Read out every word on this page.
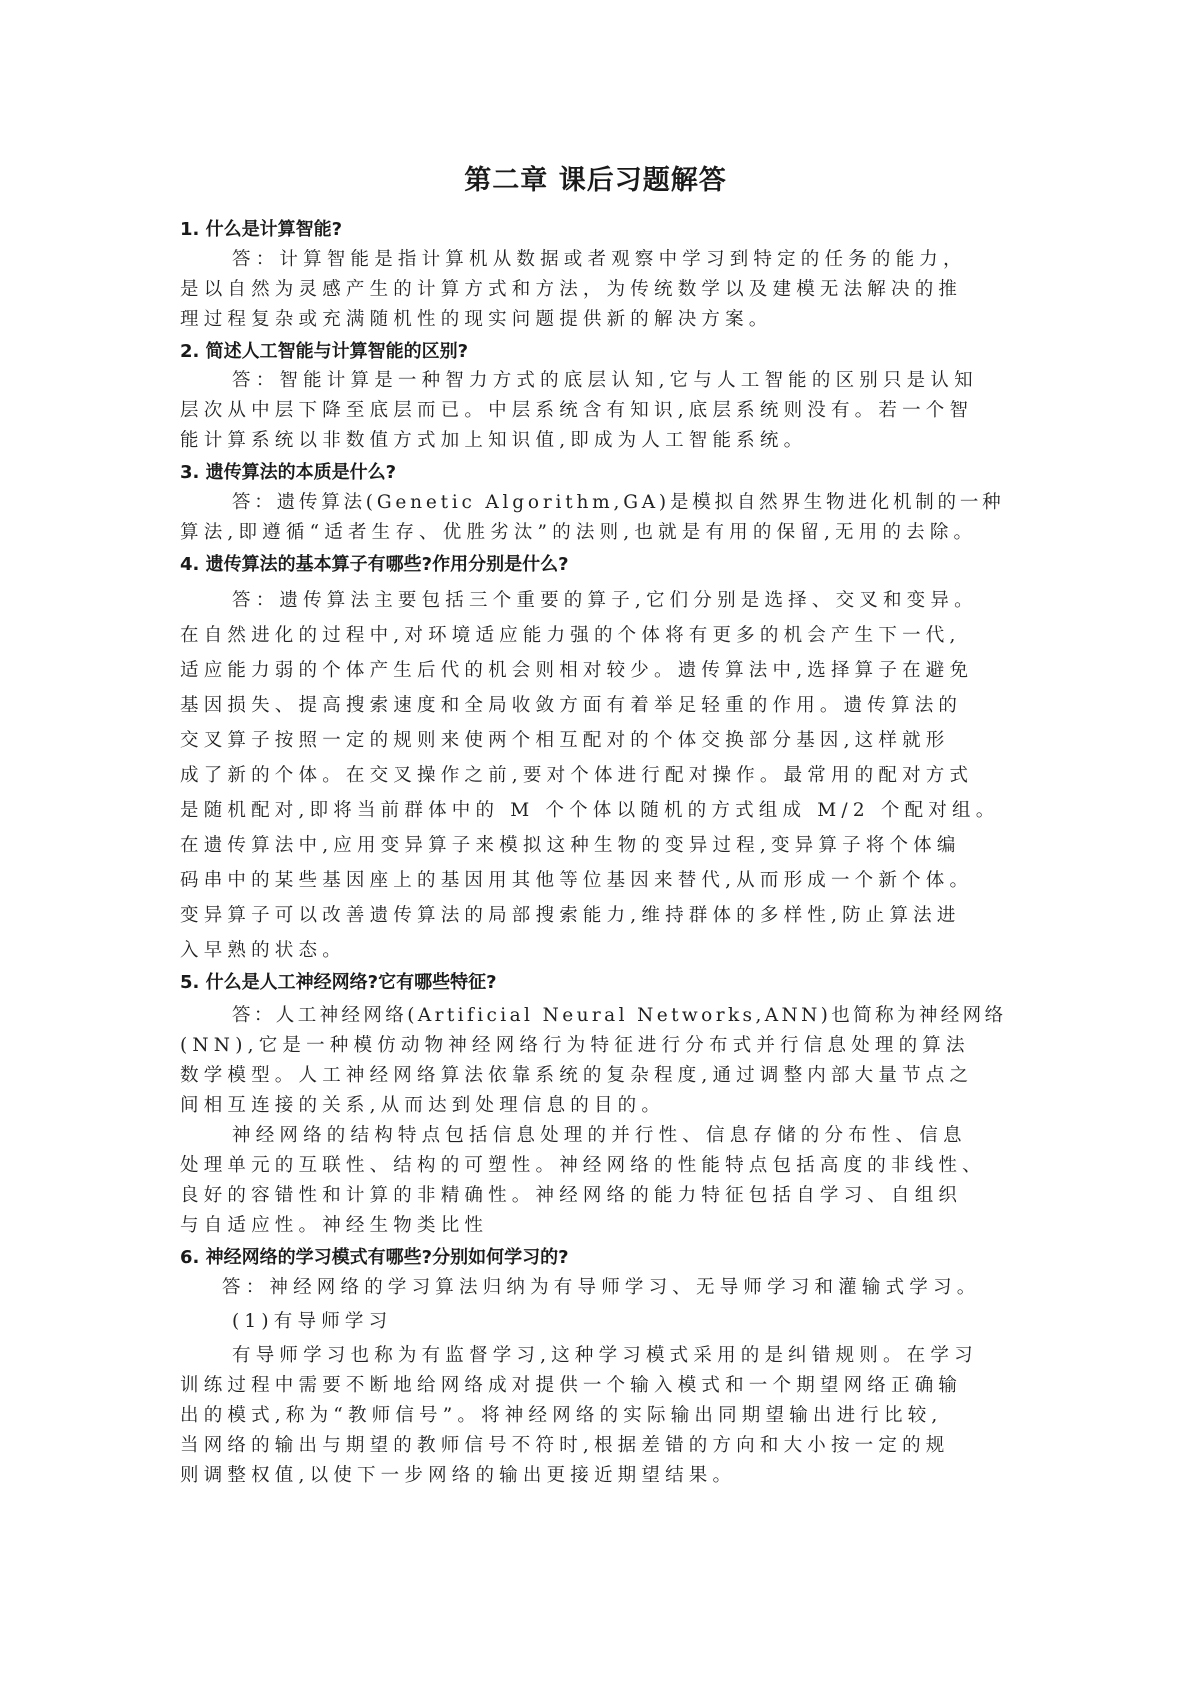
第二章 课后习题解答
1. 什么是计算智能?
答：计算智能是指计算机从数据或者观察中学习到特定的任务的能力，
是以自然为灵感产生的计算方式和方法，为传统数学以及建模无法解决的推
理过程复杂或充满随机性的现实问题提供新的解决方案。
2. 简述人工智能与计算智能的区别?
答：智能计算是一种智力方式的底层认知,它与人工智能的区别只是认知
层次从中层下降至底层而已。中层系统含有知识,底层系统则没有。若一个智
能计算系统以非数值方式加上知识值,即成为人工智能系统。
3. 遗传算法的本质是什么?
答：遗传算法(Genetic Algorithm,GA)是模拟自然界生物进化机制的一种
算法,即遵循“适者生存、优胜劣汰”的法则,也就是有用的保留,无用的去除。
4. 遗传算法的基本算子有哪些?作用分别是什么?
答：遗传算法主要包括三个重要的算子,它们分别是选择、交叉和变异。
在自然进化的过程中,对环境适应能力强的个体将有更多的机会产生下一代,
适应能力弱的个体产生后代的机会则相对较少。遗传算法中,选择算子在避免
基因损失、提高搜索速度和全局收敛方面有着举足轻重的作用。遗传算法的
交叉算子按照一定的规则来使两个相互配对的个体交换部分基因,这样就形
成了新的个体。在交叉操作之前,要对个体进行配对操作。最常用的配对方式
是随机配对,即将当前群体中的 M 个个体以随机的方式组成 M/2 个配对组。
在遗传算法中,应用变异算子来模拟这种生物的变异过程,变异算子将个体编
码串中的某些基因座上的基因用其他等位基因来替代,从而形成一个新个体。
变异算子可以改善遗传算法的局部搜索能力,维持群体的多样性,防止算法进
入早熟的状态。
5. 什么是人工神经网络?它有哪些特征?
答：人工神经网络(Artificial Neural Networks,ANN)也简称为神经网络
(NN),它是一种模仿动物神经网络行为特征进行分布式并行信息处理的算法
数学模型。人工神经网络算法依靠系统的复杂程度,通过调整内部大量节点之
间相互连接的关系,从而达到处理信息的目的。
神经网络的结构特点包括信息处理的并行性、信息存储的分布性、信息
处理单元的互联性、结构的可塑性。神经网络的性能特点包括高度的非线性、
良好的容错性和计算的非精确性。神经网络的能力特征包括自学习、自组织
与自适应性。神经生物类比性
6. 神经网络的学习模式有哪些?分别如何学习的?
答：神经网络的学习算法归纳为有导师学习、无导师学习和灌输式学习。
(1)有导师学习
有导师学习也称为有监督学习,这种学习模式采用的是纠错规则。在学习
训练过程中需要不断地给网络成对提供一个输入模式和一个期望网络正确输
出的模式,称为“教师信号”。将神经网络的实际输出同期望输出进行比较,
当网络的输出与期望的教师信号不符时,根据差错的方向和大小按一定的规
则调整权值,以使下一步网络的输出更接近期望结果。
